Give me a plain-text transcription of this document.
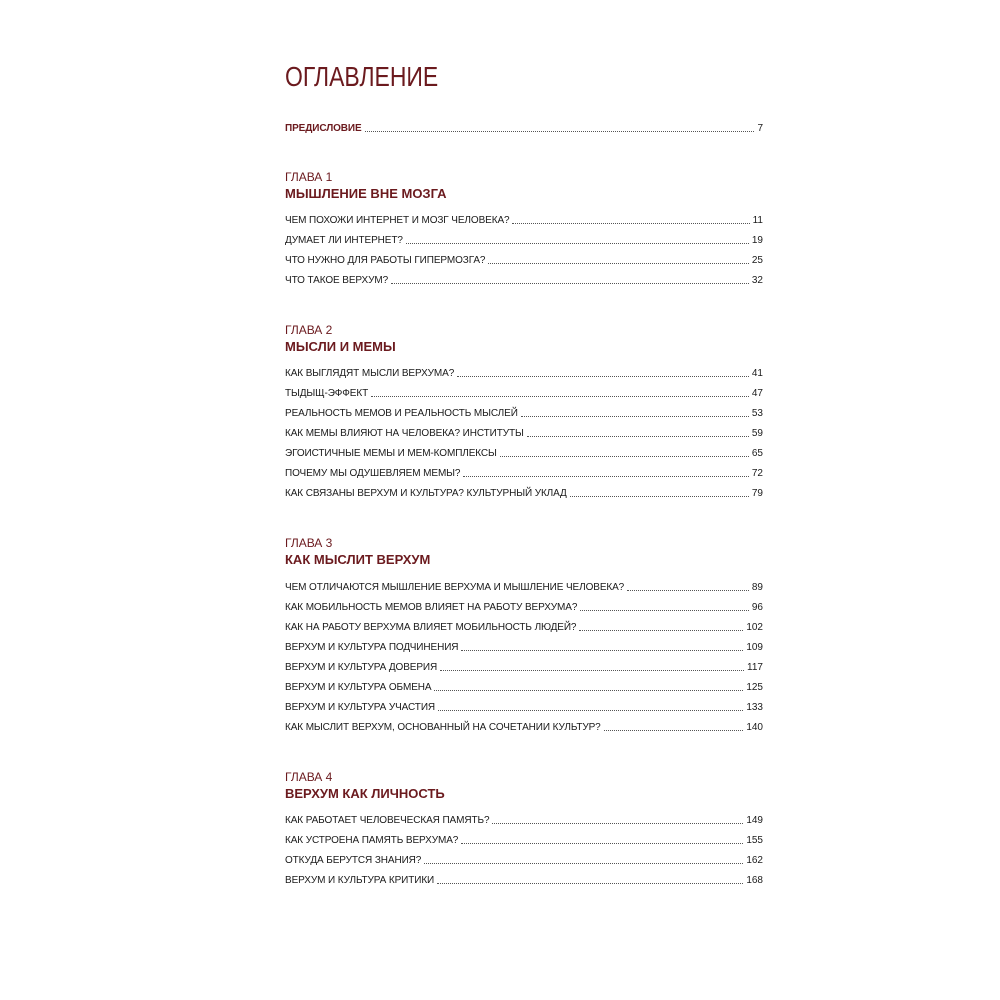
ОГЛАВЛЕНИЕ
ПРЕДИСЛОВИЕ	7
ГЛАВА 1
МЫШЛЕНИЕ ВНЕ МОЗГА
ЧЕМ ПОХОЖИ ИНТЕРНЕТ И МОЗГ ЧЕЛОВЕКА?	11
ДУМАЕТ ЛИ ИНТЕРНЕТ?	19
ЧТО НУЖНО ДЛЯ РАБОТЫ ГИПЕРМОЗГА?	25
ЧТО ТАКОЕ ВЕРХУМ?	32
ГЛАВА 2
МЫСЛИ И МЕМЫ
КАК ВЫГЛЯДЯТ МЫСЛИ ВЕРХУМА?	41
ТЫДЫЩ-ЭФФЕКТ	47
РЕАЛЬНОСТЬ МЕМОВ И РЕАЛЬНОСТЬ МЫСЛЕЙ	53
КАК МЕМЫ ВЛИЯЮТ НА ЧЕЛОВЕКА? ИНСТИТУТЫ	59
ЭГОИСТИЧНЫЕ МЕМЫ И МЕМ-КОМПЛЕКСЫ	65
ПОЧЕМУ МЫ ОДУШЕВЛЯЕМ МЕМЫ?	72
КАК СВЯЗАНЫ ВЕРХУМ И КУЛЬТУРА? КУЛЬТУРНЫЙ УКЛАД	79
ГЛАВА 3
КАК МЫСЛИТ ВЕРХУМ
ЧЕМ ОТЛИЧАЮТСЯ МЫШЛЕНИЕ ВЕРХУМА И МЫШЛЕНИЕ ЧЕЛОВЕКА?	89
КАК МОБИЛЬНОСТЬ МЕМОВ ВЛИЯЕТ НА РАБОТУ ВЕРХУМА?	96
КАК НА РАБОТУ ВЕРХУМА ВЛИЯЕТ МОБИЛЬНОСТЬ ЛЮДЕЙ?	102
ВЕРХУМ И КУЛЬТУРА ПОДЧИНЕНИЯ	109
ВЕРХУМ И КУЛЬТУРА ДОВЕРИЯ	117
ВЕРХУМ И КУЛЬТУРА ОБМЕНА	125
ВЕРХУМ И КУЛЬТУРА УЧАСТИЯ	133
КАК МЫСЛИТ ВЕРХУМ, ОСНОВАННЫЙ НА СОЧЕТАНИИ КУЛЬТУР?	140
ГЛАВА 4
ВЕРХУМ КАК ЛИЧНОСТЬ
КАК РАБОТАЕТ ЧЕЛОВЕЧЕСКАЯ ПАМЯТЬ?	149
КАК УСТРОЕНА ПАМЯТЬ ВЕРХУМА?	155
ОТКУДА БЕРУТСЯ ЗНАНИЯ?	162
ВЕРХУМ И КУЛЬТУРА КРИТИКИ	168
